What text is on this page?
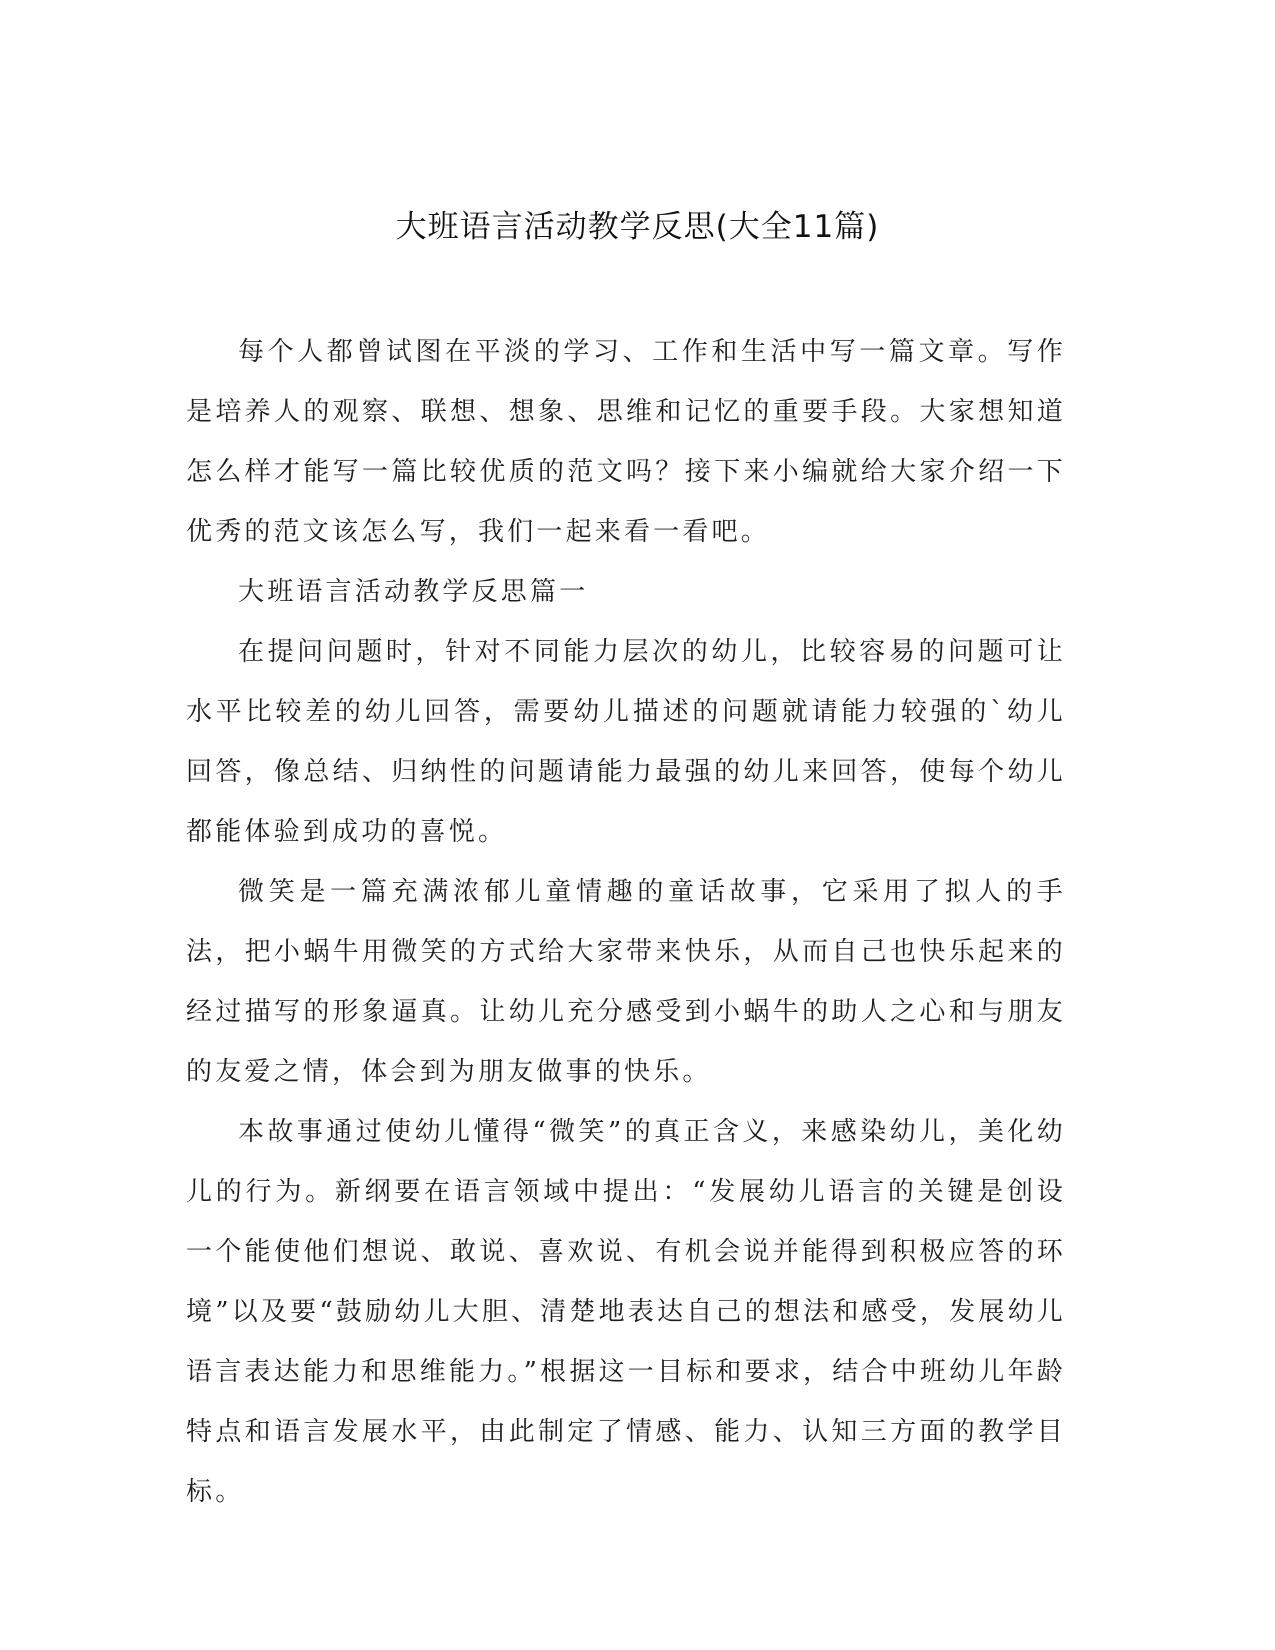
大班语言活动教学反思(大全11篇)

每个人都曾试图在平淡的学习、工作和生活中写一篇文章。写作是培养人的观察、联想、想象、思维和记忆的重要手段。大家想知道怎么样才能写一篇比较优质的范文吗？接下来小编就给大家介绍一下优秀的范文该怎么写，我们一起来看一看吧。

大班语言活动教学反思篇一

在提问问题时，针对不同能力层次的幼儿，比较容易的问题可让水平比较差的幼儿回答，需要幼儿描述的问题就请能力较强的`幼儿回答，像总结、归纳性的问题请能力最强的幼儿来回答，使每个幼儿都能体验到成功的喜悦。

微笑是一篇充满浓郁儿童情趣的童话故事，它采用了拟人的手法，把小蜗牛用微笑的方式给大家带来快乐，从而自己也快乐起来的经过描写的形象逼真。让幼儿充分感受到小蜗牛的助人之心和与朋友的友爱之情，体会到为朋友做事的快乐。

本故事通过使幼儿懂得“微笑”的真正含义，来感染幼儿，美化幼儿的行为。新纲要在语言领域中提出：“发展幼儿语言的关键是创设一个能使他们想说、敢说、喜欢说、有机会说并能得到积极应答的环境”以及要“鼓励幼儿大胆、清楚地表达自己的想法和感受，发展幼儿语言表达能力和思维能力。”根据这一目标和要求，结合中班幼儿年龄特点和语言发展水平，由此制定了情感、能力、认知三方面的教学目标。
